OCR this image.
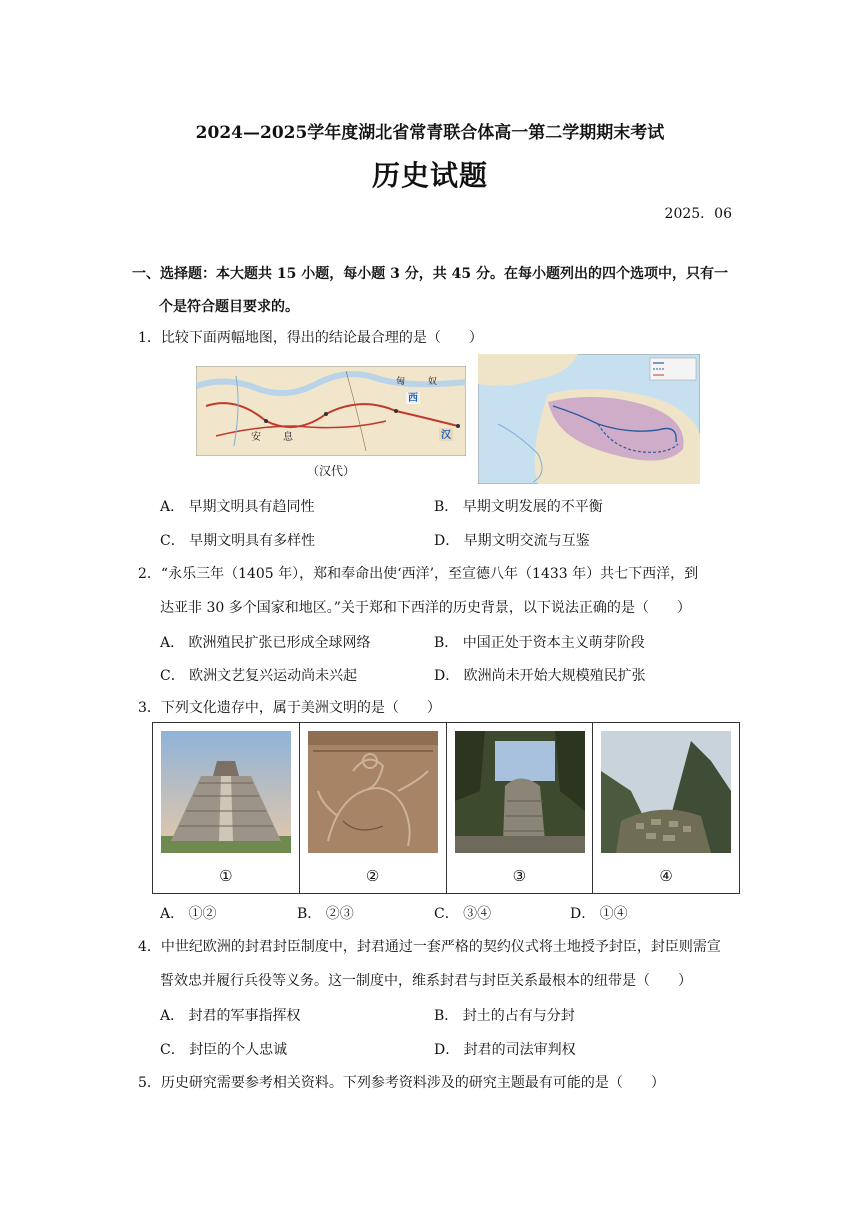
2024—2025学年度湖北省常青联合体高一第二学期期末考试
历史试题
2025．06
一、选择题：本大题共 15 小题，每小题 3 分，共 45 分。在每小题列出的四个选项中，只有一
个是符合题目要求的。
1．比较下面两幅地图，得出的结论最合理的是（　　）
匈	奴
西
安 息	汉
（汉代）
A． 早期文明具有趋同性	B． 早期文明发展的不平衡
C． 早期文明具有多样性	D． 早期文明交流与互鉴
2．“永乐三年（1405 年），郑和奉命出使‘西洋’，至宣德八年（1433 年）共七下西洋，到
达亚非 30 多个国家和地区。”关于郑和下西洋的历史背景，以下说法正确的是（　　）
A． 欧洲殖民扩张已形成全球网络	B． 中国正处于资本主义萌芽阶段
C． 欧洲文艺复兴运动尚未兴起	D． 欧洲尚未开始大规模殖民扩张
3．下列文化遗存中，属于美洲文明的是（　　）
①	②	③	④
A． ①②	B． ②③	C． ③④	D． ①④
4．中世纪欧洲的封君封臣制度中，封君通过一套严格的契约仪式将土地授予封臣，封臣则需宣
誓效忠并履行兵役等义务。这一制度中，维系封君与封臣关系最根本的纽带是（　　）
A． 封君的军事指挥权	B． 封土的占有与分封
C． 封臣的个人忠诚	D． 封君的司法审判权
5．历史研究需要参考相关资料。下列参考资料涉及的研究主题最有可能的是（　　）
